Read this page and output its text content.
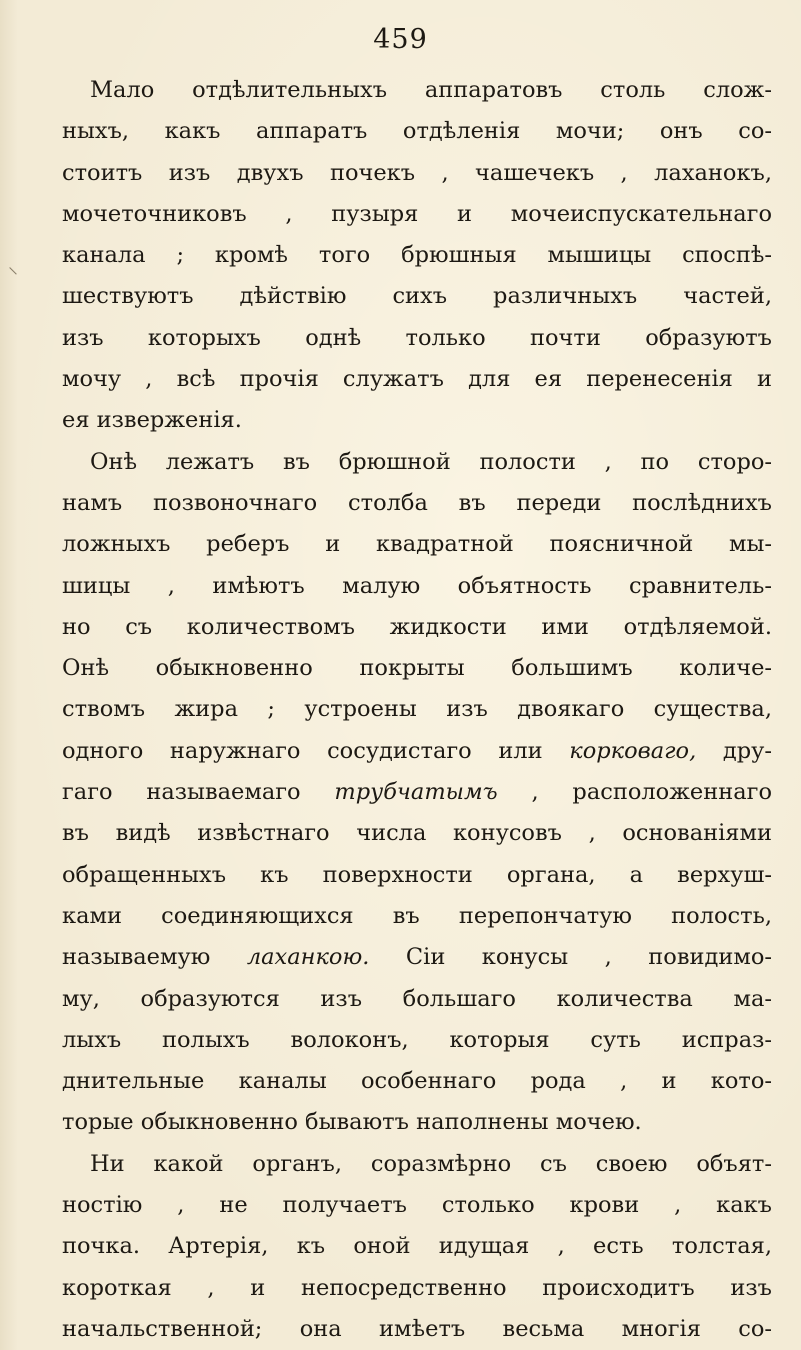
459
⸜
Мало отдѣлительныхъ аппаратовъ столь слож-
ныхъ, какъ аппаратъ отдѣленія мочи; онъ со-
стоитъ изъ двухъ почекъ , чашечекъ , лаханокъ,
мочеточниковъ , пузыря и мочеиспускательнаго
канала ; кромѣ того брюшныя мышицы споспѣ-
шествуютъ дѣйствію сихъ различныхъ частей,
изъ которыхъ однѣ только почти образуютъ
мочу , всѣ прочія служатъ для ея перенесенія и
ея изверженія.
Онѣ лежатъ въ брюшной полости , по сторо-
намъ позвоночнаго столба въ переди послѣднихъ
ложныхъ реберъ и квадратной поясничной мы-
шицы , имѣютъ малую объятность сравнитель-
но съ количествомъ жидкости ими отдѣляемой.
Онѣ обыкновенно покрыты большимъ количе-
ствомъ жира ; устроены изъ двоякаго существа,
одного наружнаго сосудистаго или корковаго, дру-
гаго называемаго трубчатымъ , расположеннаго
въ видѣ извѣстнаго числа конусовъ , основаніями
обращенныхъ къ поверхности органа, а верхуш-
ками соединяющихся въ перепончатую полость,
называемую лаханкою. Сіи конусы , повидимо-
му, образуются изъ большаго количества ма-
лыхъ полыхъ волоконъ, которыя суть испраз-
днительные каналы особеннаго рода , и кото-
торые обыкновенно бываютъ наполнены мочею.
Ни какой органъ, соразмѣрно съ своею объят-
ностію , не получаетъ столько крови , какъ
почка. Артерія, къ оной идущая , есть толстая,
короткая , и непосредственно происходитъ изъ
начальственной; она имѣетъ весьма многія со-
